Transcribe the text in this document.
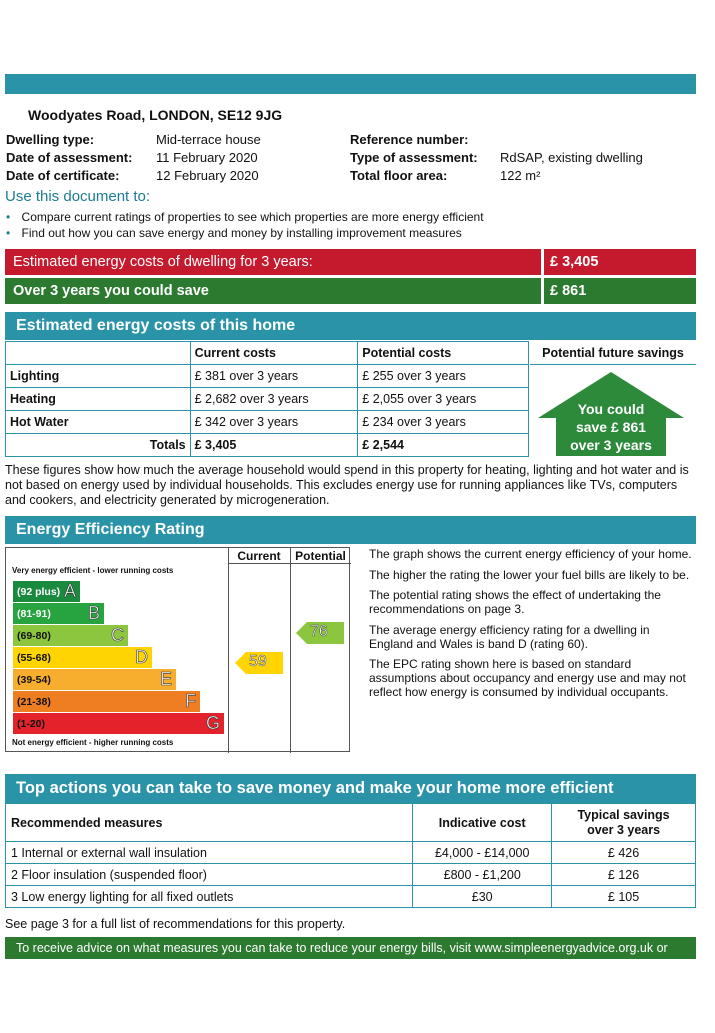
Woodyates Road, LONDON, SE12 9JG
Dwelling type:	Mid-terrace house
Date of assessment: 11 February 2020
Date of certificate:	12 February 2020
Reference number:
Type of assessment: RdSAP, existing dwelling
Total floor area:	122 m²
Use this document to:
• Compare current ratings of properties to see which properties are more energy efficient
• Find out how you can save energy and money by installing improvement measures
Estimated energy costs of dwelling for 3 years:	£ 3,405
Over 3 years you could save	£ 861
Estimated energy costs of this home
	Current costs	Potential costs
Lighting	£ 381 over 3 years	£ 255 over 3 years
Heating	£ 2,682 over 3 years	£ 2,055 over 3 years
Hot Water	£ 342 over 3 years	£ 234 over 3 years
Totals	£ 3,405	£ 2,544
Potential future savings
You could
save £ 861
over 3 years
These figures show how much the average household would spend in this property for heating, lighting and hot water and is not based on energy used by individual households. This excludes energy use for running appliances like TVs, computers and cookers, and electricity generated by microgeneration.
Energy Efficiency Rating
Very energy efficient - lower running costs
Current	Potential
(92 plus) A
(81-91) B
(69-80)	C
(55-68)	D
(39-54)	E
(21-38)	F
(1-20)	G
Not energy efficient - higher running costs
59
76

The graph shows the current energy efficiency of your home.

The higher the rating the lower your fuel bills are likely to be.

The potential rating shows the effect of undertaking the recommendations on page 3.

The average energy efficiency rating for a dwelling in England and Wales is band D (rating 60).

The EPC rating shown here is based on standard assumptions about occupancy and energy use and may not reflect how energy is consumed by individual occupants.

Top actions you can take to save money and make your home more efficient
Recommended measures	Indicative cost	Typical savings over 3 years
1 Internal or external wall insulation	£4,000 - £14,000	£ 426
2 Floor insulation (suspended floor)	£800 - £1,200	£ 126
3 Low energy lighting for all fixed outlets	£30	£ 105
See page 3 for a full list of recommendations for this property.
To receive advice on what measures you can take to reduce your energy bills, visit www.simpleenergyadvice.org.uk or
